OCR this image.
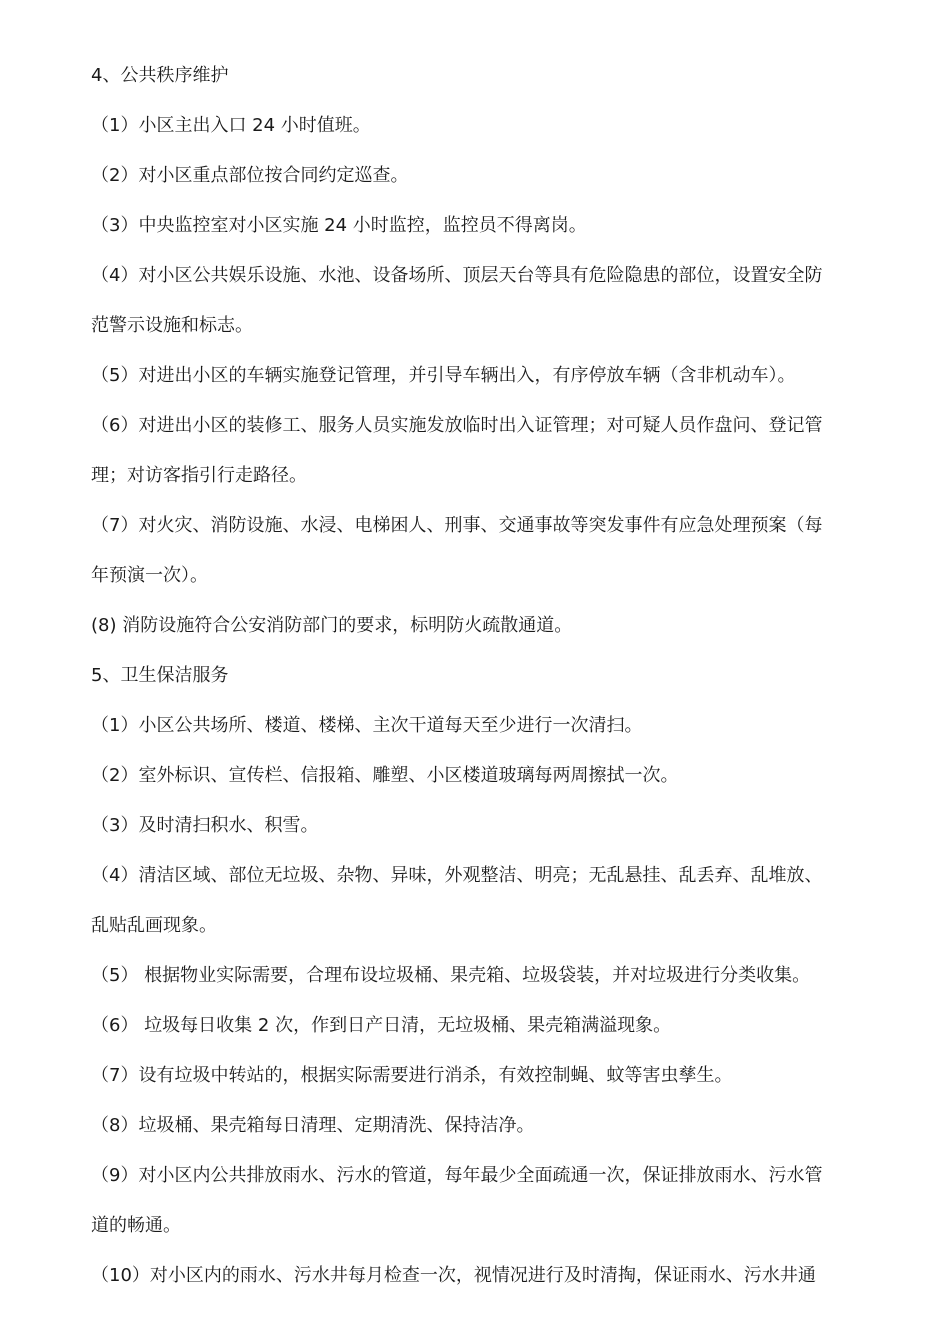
4、公共秩序维护
（1）小区主出入口 24 小时值班。
（2）对小区重点部位按合同约定巡查。
（3）中央监控室对小区实施 24 小时监控，监控员不得离岗。
（4）对小区公共娱乐设施、水池、设备场所、顶层天台等具有危险隐患的部位，设置安全防
范警示设施和标志。
（5）对进出小区的车辆实施登记管理，并引导车辆出入，有序停放车辆（含非机动车）。
（6）对进出小区的装修工、服务人员实施发放临时出入证管理；对可疑人员作盘问、登记管
理；对访客指引行走路径。
（7）对火灾、消防设施、水浸、电梯困人、刑事、交通事故等突发事件有应急处理预案（每
年预演一次）。
(8) 消防设施符合公安消防部门的要求，标明防火疏散通道。
5、卫生保洁服务
（1）小区公共场所、楼道、楼梯、主次干道每天至少进行一次清扫。
（2）室外标识、宣传栏、信报箱、雕塑、小区楼道玻璃每两周擦拭一次。
（3）及时清扫积水、积雪。
（4）清洁区域、部位无垃圾、杂物、异味，外观整洁、明亮；无乱悬挂、乱丢弃、乱堆放、
乱贴乱画现象。
（5） 根据物业实际需要，合理布设垃圾桶、果壳箱、垃圾袋装，并对垃圾进行分类收集。
（6） 垃圾每日收集 2 次，作到日产日清，无垃圾桶、果壳箱满溢现象。
（7）设有垃圾中转站的，根据实际需要进行消杀，有效控制蝇、蚊等害虫孳生。
（8）垃圾桶、果壳箱每日清理、定期清洗、保持洁净。
（9）对小区内公共排放雨水、污水的管道，每年最少全面疏通一次，保证排放雨水、污水管
道的畅通。
（10）对小区内的雨水、污水井每月检查一次，视情况进行及时清掏，保证雨水、污水井通
